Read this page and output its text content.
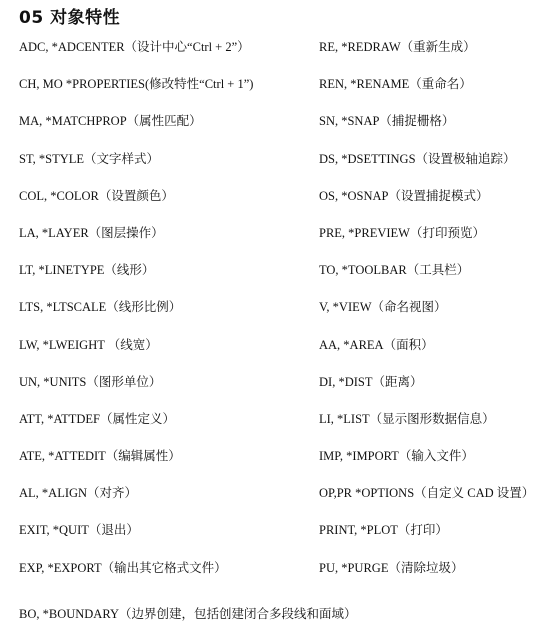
05 对象特性
ADC, *ADCENTER（设计中心“Ctrl + 2”）	RE, *REDRAW（重新生成）
CH, MO *PROPERTIES(修改特性“Ctrl + 1”)	REN, *RENAME（重命名）
MA, *MATCHPROP（属性匹配）	SN, *SNAP（捕捉栅格）
ST, *STYLE（文字样式）	DS, *DSETTINGS（设置极轴追踪）
COL, *COLOR（设置颜色）	OS, *OSNAP（设置捕捉模式）
LA, *LAYER（图层操作）	PRE, *PREVIEW（打印预览）
LT, *LINETYPE（线形）	TO, *TOOLBAR（工具栏）
LTS, *LTSCALE（线形比例）	V, *VIEW（命名视图）
LW, *LWEIGHT （线宽）	AA, *AREA（面积）
UN, *UNITS（图形单位）	DI, *DIST（距离）
ATT, *ATTDEF（属性定义）	LI, *LIST（显示图形数据信息）
ATE, *ATTEDIT（编辑属性）	IMP, *IMPORT（输入文件）
AL, *ALIGN（对齐）	OP,PR *OPTIONS（自定义 CAD 设置）
EXIT, *QUIT（退出）	PRINT, *PLOT（打印）
EXP, *EXPORT（输出其它格式文件）	PU, *PURGE（清除垃圾）
BO, *BOUNDARY（边界创建，包括创建闭合多段线和面域）
